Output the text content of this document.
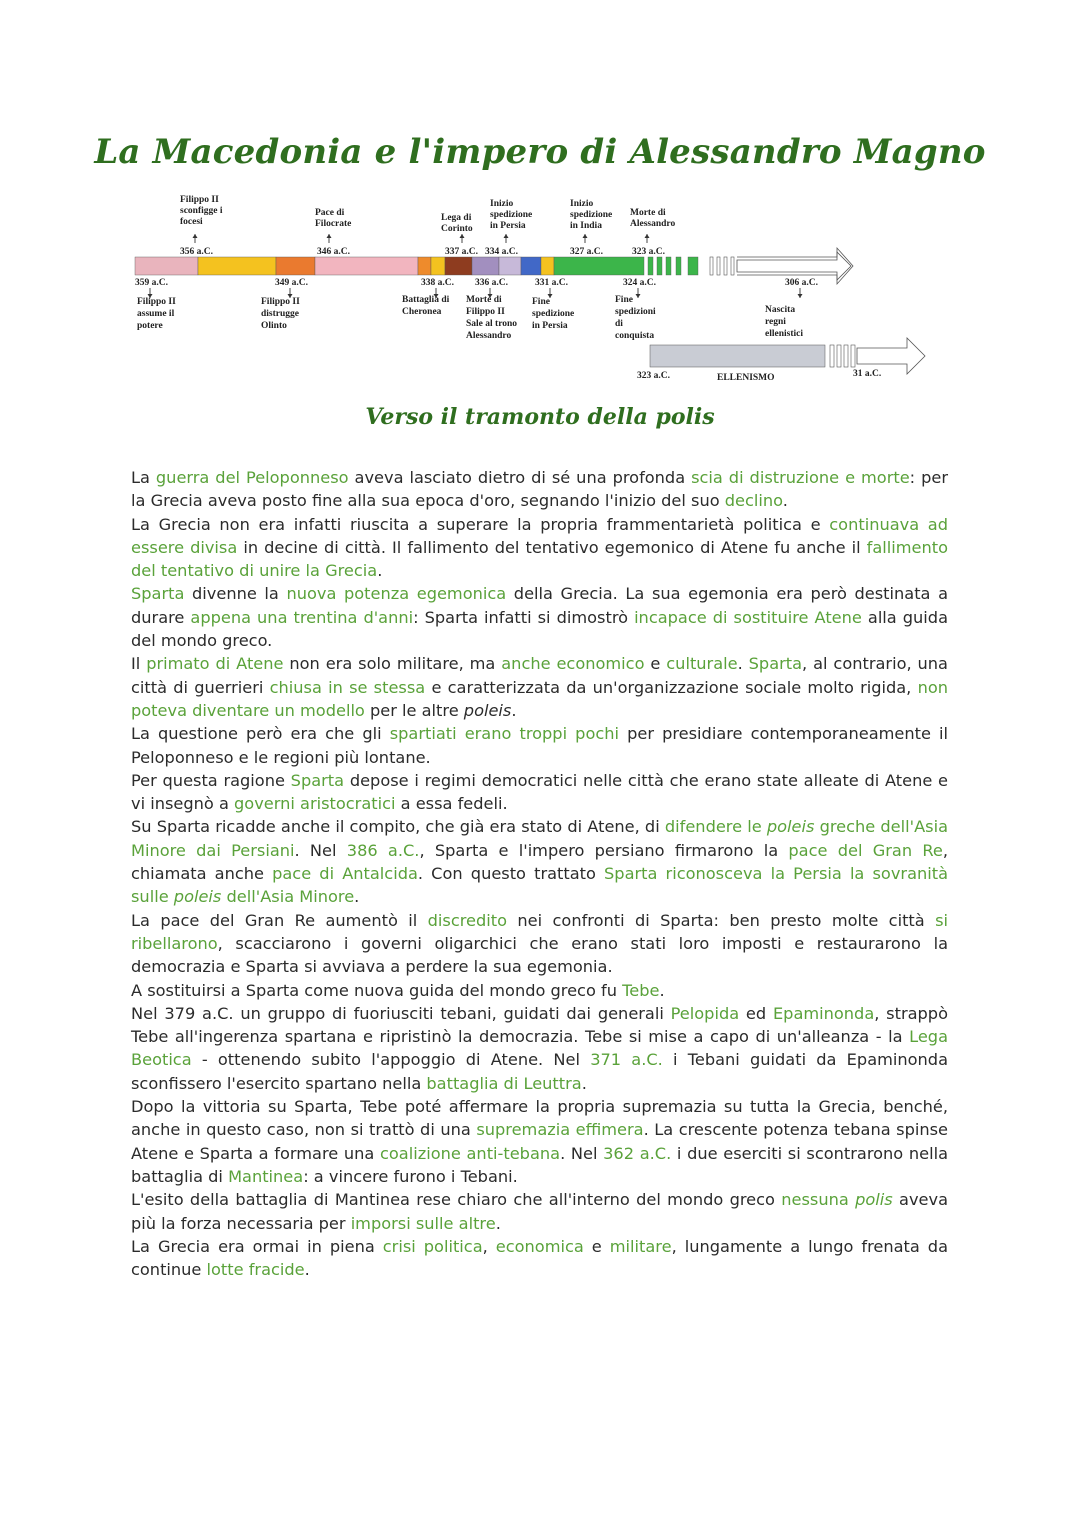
La Macedonia e l'impero di Alessandro Magno
Filippo II
sconfigge i
focesi
356 a.C.
Pace di
Filocrate
346 a.C.
Lega di
Corinto
337 a.C.
Inizio
spedizione
in Persia
334 a.C.
Inizio
spedizione
in India
327 a.C.
Morte di
Alessandro
323 a.C.
359 a.C.
Filippo II
assume il
potere
349 a.C.
Filippo II
distrugge
Olinto
338 a.C.
Battaglia di
Cheronea
336 a.C.
Morte di
Filippo II
Sale al trono
Alessandro
331 a.C.
Fine
spedizione
in Persia
324 a.C.
Fine
spedizioni
di
conquista
306 a.C.
Nascita
regni
ellenistici
323 a.C.	ELLENISMO	31 a.C.
Verso il tramonto della polis

La guerra del Peloponneso aveva lasciato dietro di sé una profonda scia di distruzione e morte: per la Grecia aveva posto fine alla sua epoca d'oro, segnando l'inizio del suo declino.

La Grecia non era infatti riuscita a superare la propria frammentarietà politica e continuava ad essere divisa in decine di città. Il fallimento del tentativo egemonico di Atene fu anche il fallimento del tentativo di unire la Grecia.

Sparta divenne la nuova potenza egemonica della Grecia. La sua egemonia era però destinata a durare appena una trentina d'anni: Sparta infatti si dimostrò incapace di sostituire Atene alla guida del mondo greco.

Il primato di Atene non era solo militare, ma anche economico e culturale. Sparta, al contrario, una città di guerrieri chiusa in se stessa e caratterizzata da un'organizzazione sociale molto rigida, non poteva diventare un modello per le altre poleis.

La questione però era che gli spartiati erano troppi pochi per presidiare contemporaneamente il Peloponneso e le regioni più lontane.

Per questa ragione Sparta depose i regimi democratici nelle città che erano state alleate di Atene e vi insegnò a governi aristocratici a essa fedeli.

Su Sparta ricadde anche il compito, che già era stato di Atene, di difendere le poleis greche dell'Asia Minore dai Persiani. Nel 386 a.C., Sparta e l'impero persiano firmarono la pace del Gran Re, chiamata anche pace di Antalcida. Con questo trattato Sparta riconosceva la Persia la sovranità sulle poleis dell'Asia Minore.

La pace del Gran Re aumentò il discredito nei confronti di Sparta: ben presto molte città si ribellarono, scacciarono i governi oligarchici che erano stati loro imposti e restaurarono la democrazia e Sparta si avviava a perdere la sua egemonia.

A sostituirsi a Sparta come nuova guida del mondo greco fu Tebe.

Nel 379 a.C. un gruppo di fuoriusciti tebani, guidati dai generali Pelopida ed Epaminonda, strappò Tebe all'ingerenza spartana e ripristinò la democrazia. Tebe si mise a capo di un'alleanza - la Lega Beotica - ottenendo subito l'appoggio di Atene. Nel 371 a.C. i Tebani guidati da Epaminonda sconfissero l'esercito spartano nella battaglia di Leuttra.

Dopo la vittoria su Sparta, Tebe poté affermare la propria supremazia su tutta la Grecia, benché, anche in questo caso, non si trattò di una supremazia effimera. La crescente potenza tebana spinse Atene e Sparta a formare una coalizione anti-tebana. Nel 362 a.C. i due eserciti si scontrarono nella battaglia di Mantinea: a vincere furono i Tebani.

L'esito della battaglia di Mantinea rese chiaro che all'interno del mondo greco nessuna polis aveva più la forza necessaria per imporsi sulle altre.

La Grecia era ormai in piena crisi politica, economica e militare, lungamente a lungo frenata da continue lotte fracide.
